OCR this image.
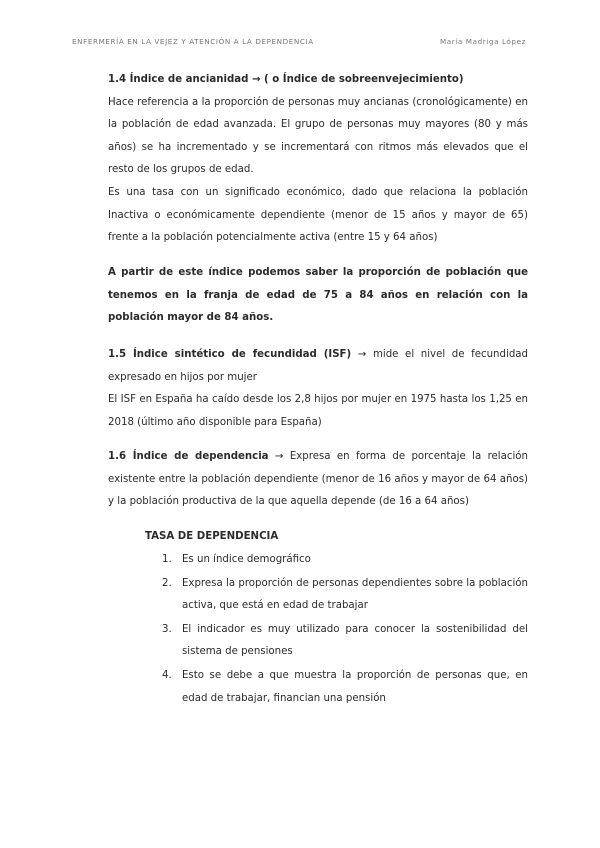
ENFERMERÍA EN LA VEJEZ Y ATENCIÓN A LA DEPENDENCIA	María Madriga López

1.4 Índice de ancianidad → ( o Índice de sobreenvejecimiento)

Hace referencia a la proporción de personas muy ancianas (cronológicamente) en la población de edad avanzada. El grupo de personas muy mayores (80 y más años) se ha incrementado y se incrementará con ritmos más elevados que el resto de los grupos de edad.

Es una tasa con un significado económico, dado que relaciona la población Inactiva o económicamente dependiente (menor de 15 años y mayor de 65) frente a la población potencialmente activa (entre 15 y 64 años)

A partir de este índice podemos saber la proporción de población que tenemos en la franja de edad de 75 a 84 años en relación con la población mayor de 84 años.

1.5 Índice sintético de fecundidad (ISF) → mide el nivel de fecundidad expresado en hijos por mujer

El ISF en España ha caído desde los 2,8 hijos por mujer en 1975 hasta los 1,25 en 2018 (último año disponible para España)

1.6 Índice de dependencia → Expresa en forma de porcentaje la relación existente entre la población dependiente (menor de 16 años y mayor de 64 años) y la población productiva de la que aquella depende (de 16 a 64 años)

TASA DE DEPENDENCIA
1. Es un índice demográfico
2. Expresa la proporción de personas dependientes sobre la población activa, que está en edad de trabajar
3. El indicador es muy utilizado para conocer la sostenibilidad del sistema de pensiones
4. Esto se debe a que muestra la proporción de personas que, en edad de trabajar, financian una pensión
